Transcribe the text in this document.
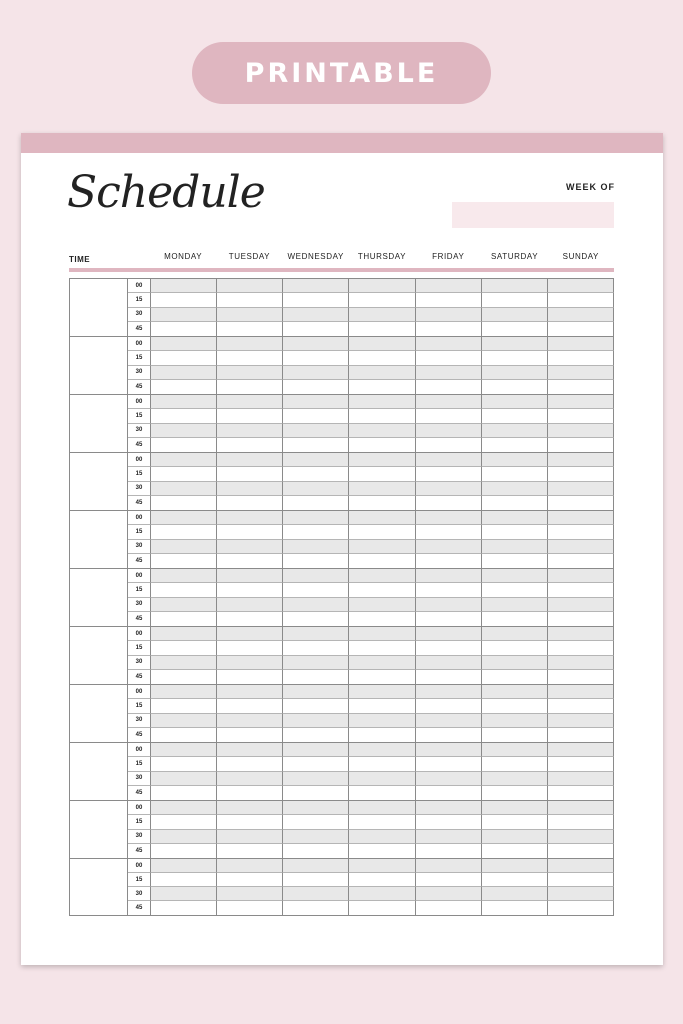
PRINTABLE
Schedule	WEEK OF
TIME	MONDAY	TUESDAY	WEDNESDAY	THURSDAY	FRIDAY	SATURDAY	SUNDAY
00
15
30
45
00
15
30
45
00
15
30
45
00
15
30
45
00
15
30
45
00
15
30
45
00
15
30
45
00
15
30
45
00
15
30
45
00
15
30
45
00
15
30
45
